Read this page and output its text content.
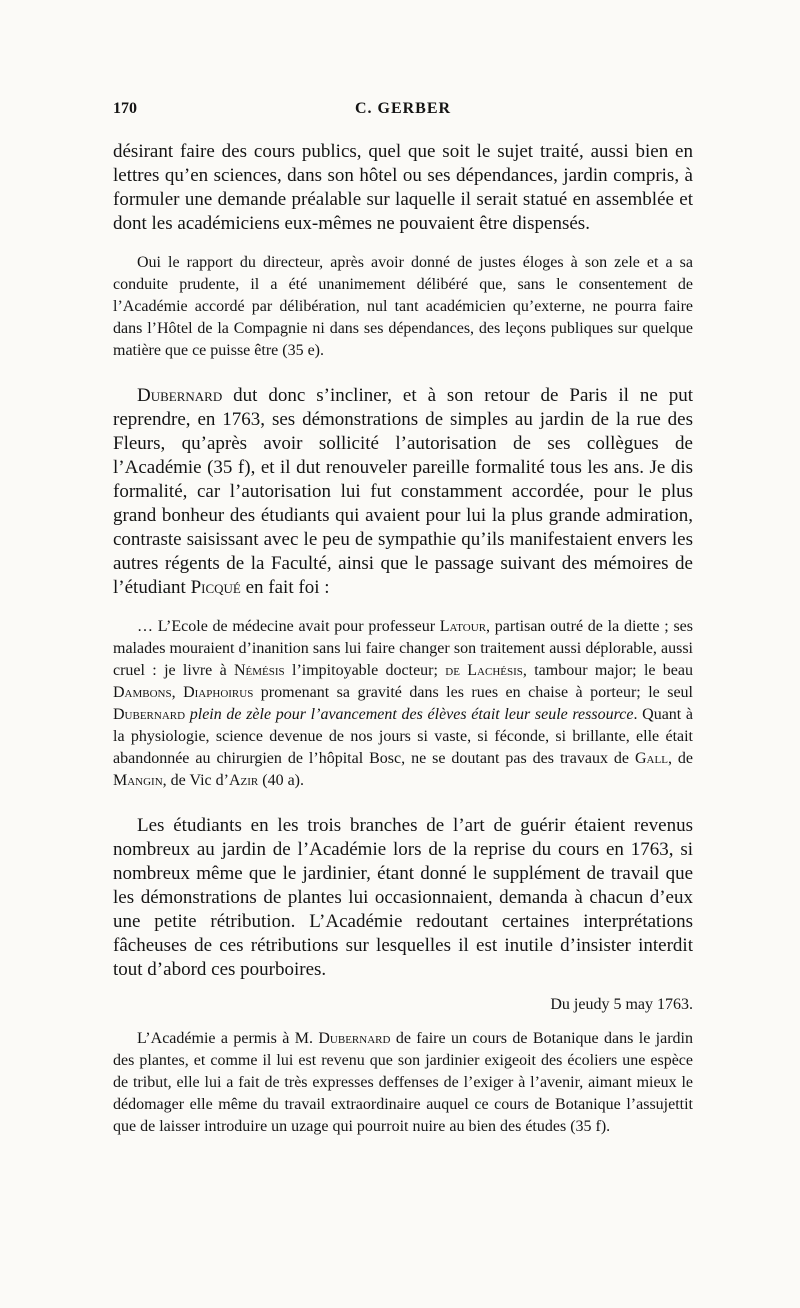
170	C. GERBER

désirant faire des cours publics, quel que soit le sujet traité, aussi bien en lettres qu’en sciences, dans son hôtel ou ses dépendances, jardin compris, à formuler une demande préalable sur laquelle il serait statué en assemblée et dont les académiciens eux-mêmes ne pouvaient être dispensés.

Oui le rapport du directeur, après avoir donné de justes éloges à son zele et a sa conduite prudente, il a été unanimement délibéré que, sans le consentement de l’Académie accordé par délibération, nul tant académicien qu’externe, ne pourra faire dans l’Hôtel de la Compagnie ni dans ses dépendances, des leçons publiques sur quelque matière que ce puisse être (35 e).

Dubernard dut donc s’incliner, et à son retour de Paris il ne put reprendre, en 1763, ses démonstrations de simples au jardin de la rue des Fleurs, qu’après avoir sollicité l’autorisation de ses collègues de l’Académie (35 f), et il dut renouveler pareille formalité tous les ans. Je dis formalité, car l’autorisation lui fut constamment accordée, pour le plus grand bonheur des étudiants qui avaient pour lui la plus grande admiration, contraste saisissant avec le peu de sympathie qu’ils manifestaient envers les autres régents de la Faculté, ainsi que le passage suivant des mémoires de l’étudiant Picqué en fait foi :

… L’Ecole de médecine avait pour professeur Latour, partisan outré de la diette ; ses malades mouraient d’inanition sans lui faire changer son traitement aussi déplorable, aussi cruel : je livre à Némésis l’impitoyable docteur; de Lachésis, tambour major; le beau Dambons, Diaphoirus promenant sa gravité dans les rues en chaise à porteur; le seul Dubernard plein de zèle pour l’avancement des élèves était leur seule ressource. Quant à la physiologie, science devenue de nos jours si vaste, si féconde, si brillante, elle était abandonnée au chirurgien de l’hôpital Bosc, ne se doutant pas des travaux de Gall, de Mangin, de Vic d’Azir (40 a).

Les étudiants en les trois branches de l’art de guérir étaient revenus nombreux au jardin de l’Académie lors de la reprise du cours en 1763, si nombreux même que le jardinier, étant donné le supplément de travail que les démonstrations de plantes lui occasionnaient, demanda à chacun d’eux une petite rétribution. L’Académie redoutant certaines interprétations fâcheuses de ces rétributions sur lesquelles il est inutile d’insister interdit tout d’abord ces pourboires.

Du jeudy 5 may 1763.

L’Académie a permis à M. Dubernard de faire un cours de Botanique dans le jardin des plantes, et comme il lui est revenu que son jardinier exigeoit des écoliers une espèce de tribut, elle lui a fait de très expresses deffenses de l’exiger à l’avenir, aimant mieux le dédomager elle même du travail extraordinaire auquel ce cours de Botanique l’assujettit que de laisser introduire un uzage qui pourroit nuire au bien des études (35 f).
